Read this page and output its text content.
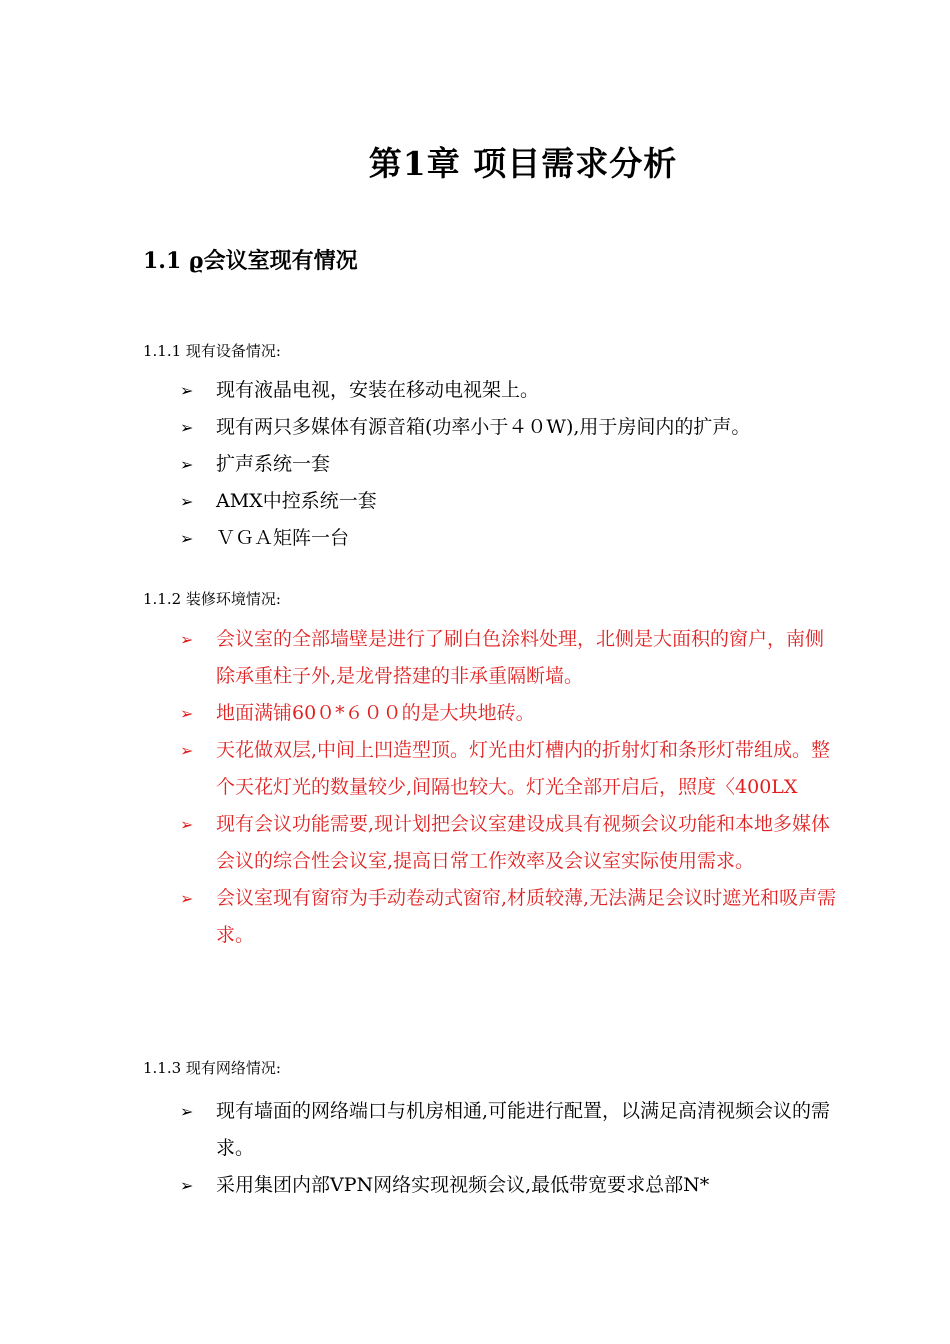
第1章 项目需求分析
1.1 ϱ会议室现有情况
1.1.1 现有设备情况:
➢ 现有液晶电视，安装在移动电视架上。
➢ 现有两只多媒体有源音箱(功率小于４０W),用于房间内的扩声。
➢ 扩声系统一套
➢ AMX中控系统一套
➢ ＶＧＡ矩阵一台
1.1.2 装修环境情况:
➢ 会议室的全部墙壁是进行了刷白色涂料处理，北侧是大面积的窗户，南侧除承重柱子外,是龙骨搭建的非承重隔断墙。
➢ 地面满铺60０*６００的是大块地砖。
➢ 天花做双层,中间上凹造型顶。灯光由灯槽内的折射灯和条形灯带组成。整个天花灯光的数量较少,间隔也较大。灯光全部开启后，照度〈400LX
➢ 现有会议功能需要,现计划把会议室建设成具有视频会议功能和本地多媒体会议的综合性会议室,提高日常工作效率及会议室实际使用需求。
➢ 会议室现有窗帘为手动卷动式窗帘,材质较薄,无法满足会议时遮光和吸声需求。
1.1.3 现有网络情况:
➢ 现有墙面的网络端口与机房相通,可能进行配置，以满足高清视频会议的需求。
➢ 采用集团内部VPN网络实现视频会议,最低带宽要求总部N*
